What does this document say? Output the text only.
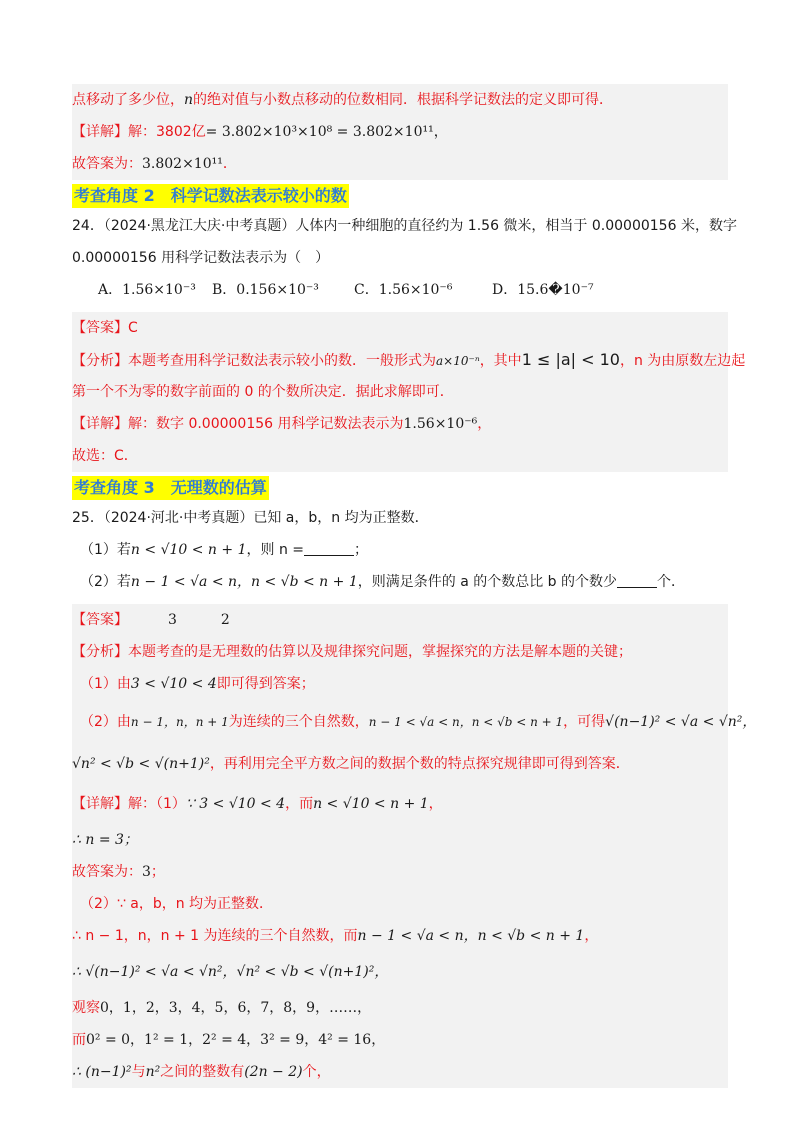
点移动了多少位，n的绝对值与小数点移动的位数相同．根据科学记数法的定义即可得．
【详解】解：3802亿= 3.802×10³×10⁸ = 3.802×10¹¹，
故答案为：3.802×10¹¹．
考查角度 2　科学记数法表示较小的数
24．（2024·黑龙江大庆·中考真题）人体内一种细胞的直径约为 1.56 微米，相当于 0.00000156 米，数字
0.00000156 用科学记数法表示为（　）
A．1.56×10⁻³ B．0.156×10⁻³	C．1.56×10⁻⁶	D．15.6�10⁻⁷
【答案】C
【分析】本题考查用科学记数法表示较小的数．一般形式为a×10⁻ⁿ，其中1 ≤ |a| < 10，n 为由原数左边起
第一个不为零的数字前面的 0 的个数所决定．据此求解即可．
【详解】解：数字 0.00000156 用科学记数法表示为1.56×10⁻⁶，
故选：C．
考查角度 3　无理数的估算
25．（2024·河北·中考真题）已知 a，b，n 均为正整数．
（1）若n < √10 < n + 1，则 n =	；
（2）若n − 1 < √a < n，n < √b < n + 1，则满足条件的 a 的个数总比 b 的个数少	个．
【答案】	3	2
【分析】本题考查的是无理数的估算以及规律探究问题，掌握探究的方法是解本题的关键；
（1）由3 < √10 < 4即可得到答案；
（2）由n − 1，n，n + 1为连续的三个自然数，n − 1 < √a < n，n < √b < n + 1，可得√(n−1)² < √a < √n²，
√n² < √b < √(n+1)²，再利用完全平方数之间的数据个数的特点探究规律即可得到答案．
【详解】解：（1）∵ 3 < √10 < 4，而n < √10 < n + 1，
∴ n = 3；
故答案为：3；
（2）∵ a，b，n 均为正整数．
∴ n − 1，n，n + 1 为连续的三个自然数，而n − 1 < √a < n，n < √b < n + 1，
∴ √(n−1)² < √a < √n²，√n² < √b < √(n+1)²，
观察0，1，2，3，4，5，6，7，8，9，……，
而0² = 0，1² = 1，2² = 4，3² = 9，4² = 16，
∴ (n−1)²与n²之间的整数有(2n − 2)个，
